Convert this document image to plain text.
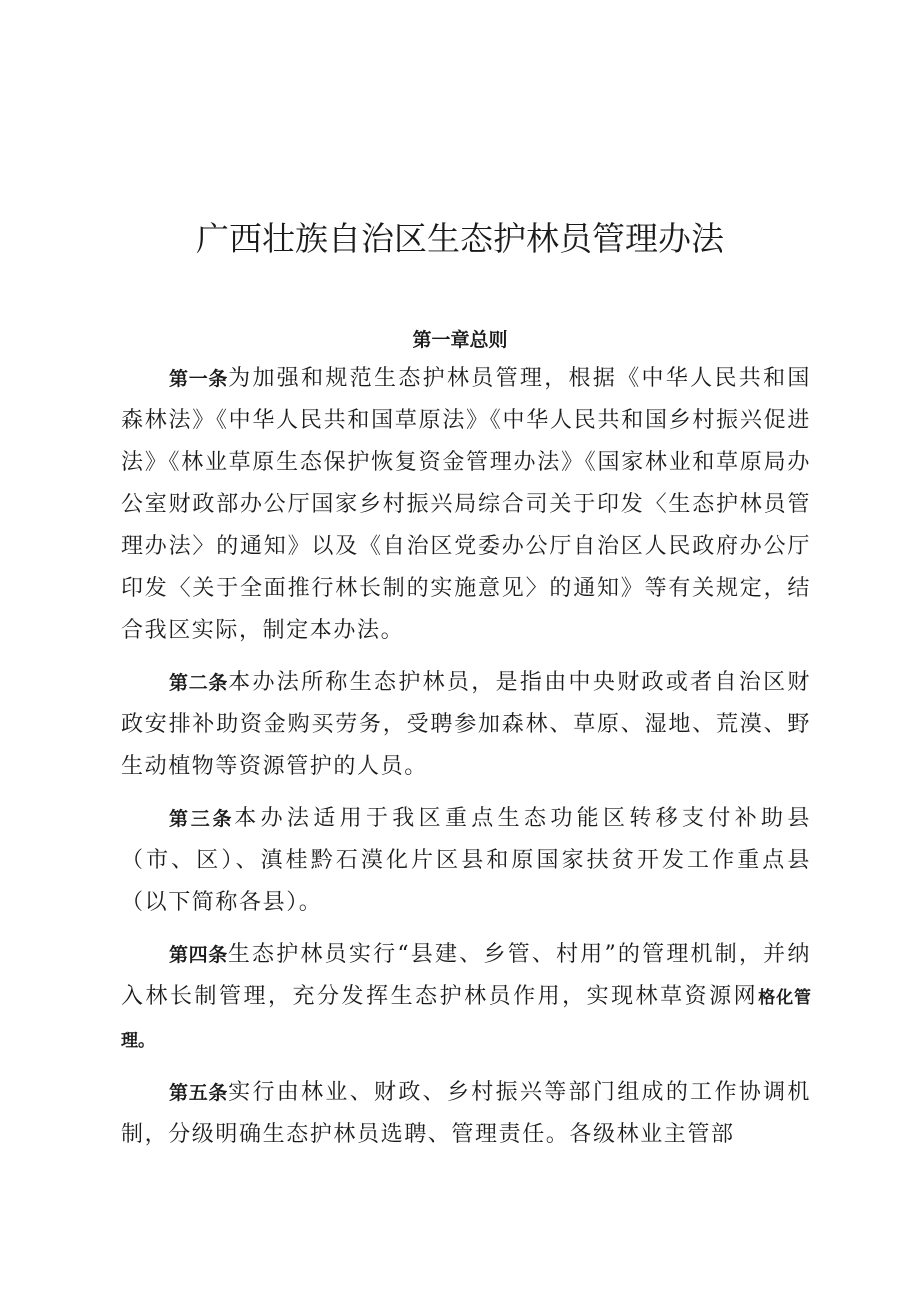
广西壮族自治区生态护林员管理办法
第一章总则

第一条为加强和规范生态护林员管理，根据《中华人民共和国森林法》《中华人民共和国草原法》《中华人民共和国乡村振兴促进法》《林业草原生态保护恢复资金管理办法》《国家林业和草原局办公室财政部办公厅国家乡村振兴局综合司关于印发〈生态护林员管理办法〉的通知》以及《自治区党委办公厅自治区人民政府办公厅印发〈关于全面推行林长制的实施意见〉的通知》等有关规定，结合我区实际，制定本办法。

第二条本办法所称生态护林员，是指由中央财政或者自治区财政安排补助资金购买劳务，受聘参加森林、草原、湿地、荒漠、野生动植物等资源管护的人员。

第三条本办法适用于我区重点生态功能区转移支付补助县（市、区）、滇桂黔石漠化片区县和原国家扶贫开发工作重点县（以下简称各县）。

第四条生态护林员实行“县建、乡管、村用”的管理机制，并纳入林长制管理，充分发挥生态护林员作用，实现林草资源网格化管理。

第五条实行由林业、财政、乡村振兴等部门组成的工作协调机制，分级明确生态护林员选聘、管理责任。各级林业主管部
